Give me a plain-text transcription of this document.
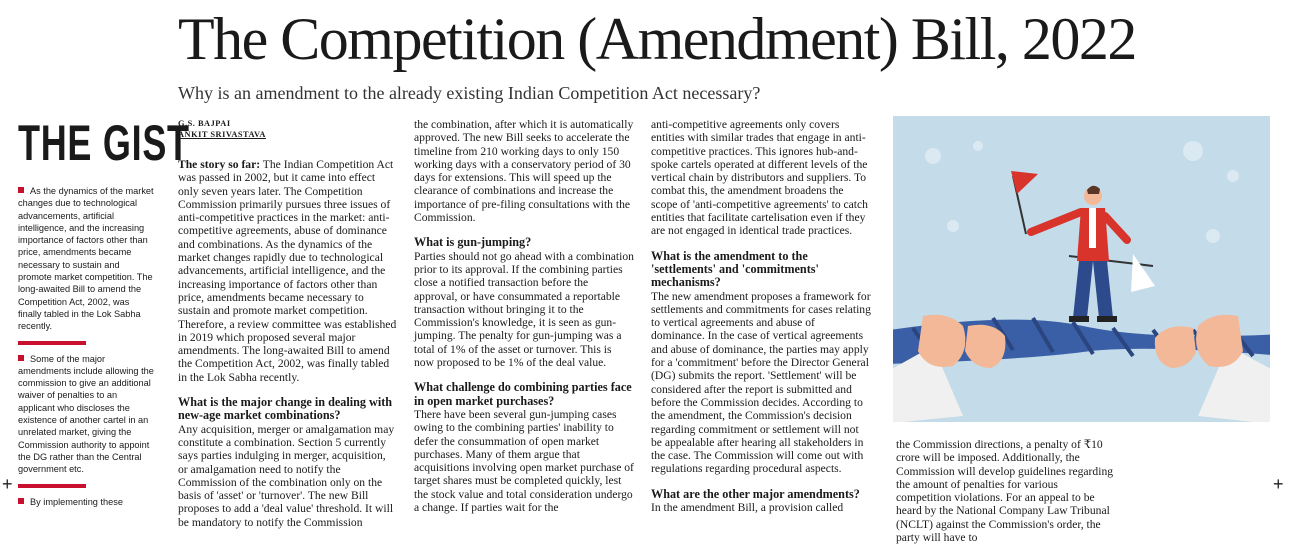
The Competition (Amendment) Bill, 2022
Why is an amendment to the already existing Indian Competition Act necessary?
+	+
THE GIST

As the dynamics of the market changes due to technological advancements, artificial intelligence, and the increasing importance of factors other than price, amendments became necessary to sustain and promote market competition. The long-awaited Bill to amend the Competition Act, 2002, was finally tabled in the Lok Sabha recently.

Some of the major amendments include allowing the commission to give an additional waiver of penalties to an applicant who discloses the existence of another cartel in an unrelated market, giving the Commission authority to appoint the DG rather than the Central government etc.

By implementing these

G.S. BAJPAI
ANKIT SRIVASTAVA

The story so far: The Indian Competition Act was passed in 2002, but it came into effect only seven years later. The Competition Commission primarily pursues three issues of anti-competitive practices in the market: anti-competitive agreements, abuse of dominance and combinations. As the dynamics of the market changes rapidly due to technological advancements, artificial intelligence, and the increasing importance of factors other than price, amendments became necessary to sustain and promote market competition. Therefore, a review committee was established in 2019 which proposed several major amendments. The long-awaited Bill to amend the Competition Act, 2002, was finally tabled in the Lok Sabha recently.

What is the major change in dealing with new-age market combinations?

Any acquisition, merger or amalgamation may constitute a combination. Section 5 currently says parties indulging in merger, acquisition, or amalgamation need to notify the Commission of the combination only on the basis of 'asset' or 'turnover'. The new Bill proposes to add a 'deal value' threshold. It will be mandatory to notify the Commission

the combination, after which it is automatically approved. The new Bill seeks to accelerate the timeline from 210 working days to only 150 working days with a conservatory period of 30 days for extensions. This will speed up the clearance of combinations and increase the importance of pre-filing consultations with the Commission.

What is gun-jumping?

Parties should not go ahead with a combination prior to its approval. If the combining parties close a notified transaction before the approval, or have consummated a reportable transaction without bringing it to the Commission's knowledge, it is seen as gun-jumping. The penalty for gun-jumping was a total of 1% of the asset or turnover. This is now proposed to be 1% of the deal value.

What challenge do combining parties face in open market purchases?

There have been several gun-jumping cases owing to the combining parties' inability to defer the consummation of open market purchases. Many of them argue that acquisitions involving open market purchase of target shares must be completed quickly, lest the stock value and total consideration undergo a change. If parties wait for the

anti-competitive agreements only covers entities with similar trades that engage in anti-competitive practices. This ignores hub-and-spoke cartels operated at different levels of the vertical chain by distributors and suppliers. To combat this, the amendment broadens the scope of 'anti-competitive agreements' to catch entities that facilitate cartelisation even if they are not engaged in identical trade practices.

What is the amendment to the 'settlements' and 'commitments' mechanisms?

The new amendment proposes a framework for settlements and commitments for cases relating to vertical agreements and abuse of dominance. In the case of vertical agreements and abuse of dominance, the parties may apply for a 'commitment' before the Director General (DG) submits the report. 'Settlement' will be considered after the report is submitted and before the Commission decides. According to the amendment, the Commission's decision regarding commitment or settlement will not be appealable after hearing all stakeholders in the case. The Commission will come out with regulations regarding procedural aspects.

What are the other major amendments?

In the amendment Bill, a provision called

the Commission directions, a penalty of ₹10 crore will be imposed. Additionally, the Commission will develop guidelines regarding the amount of penalties for various competition violations. For an appeal to be heard by the National Company Law Tribunal (NCLT) against the Commission's order, the party will have to
